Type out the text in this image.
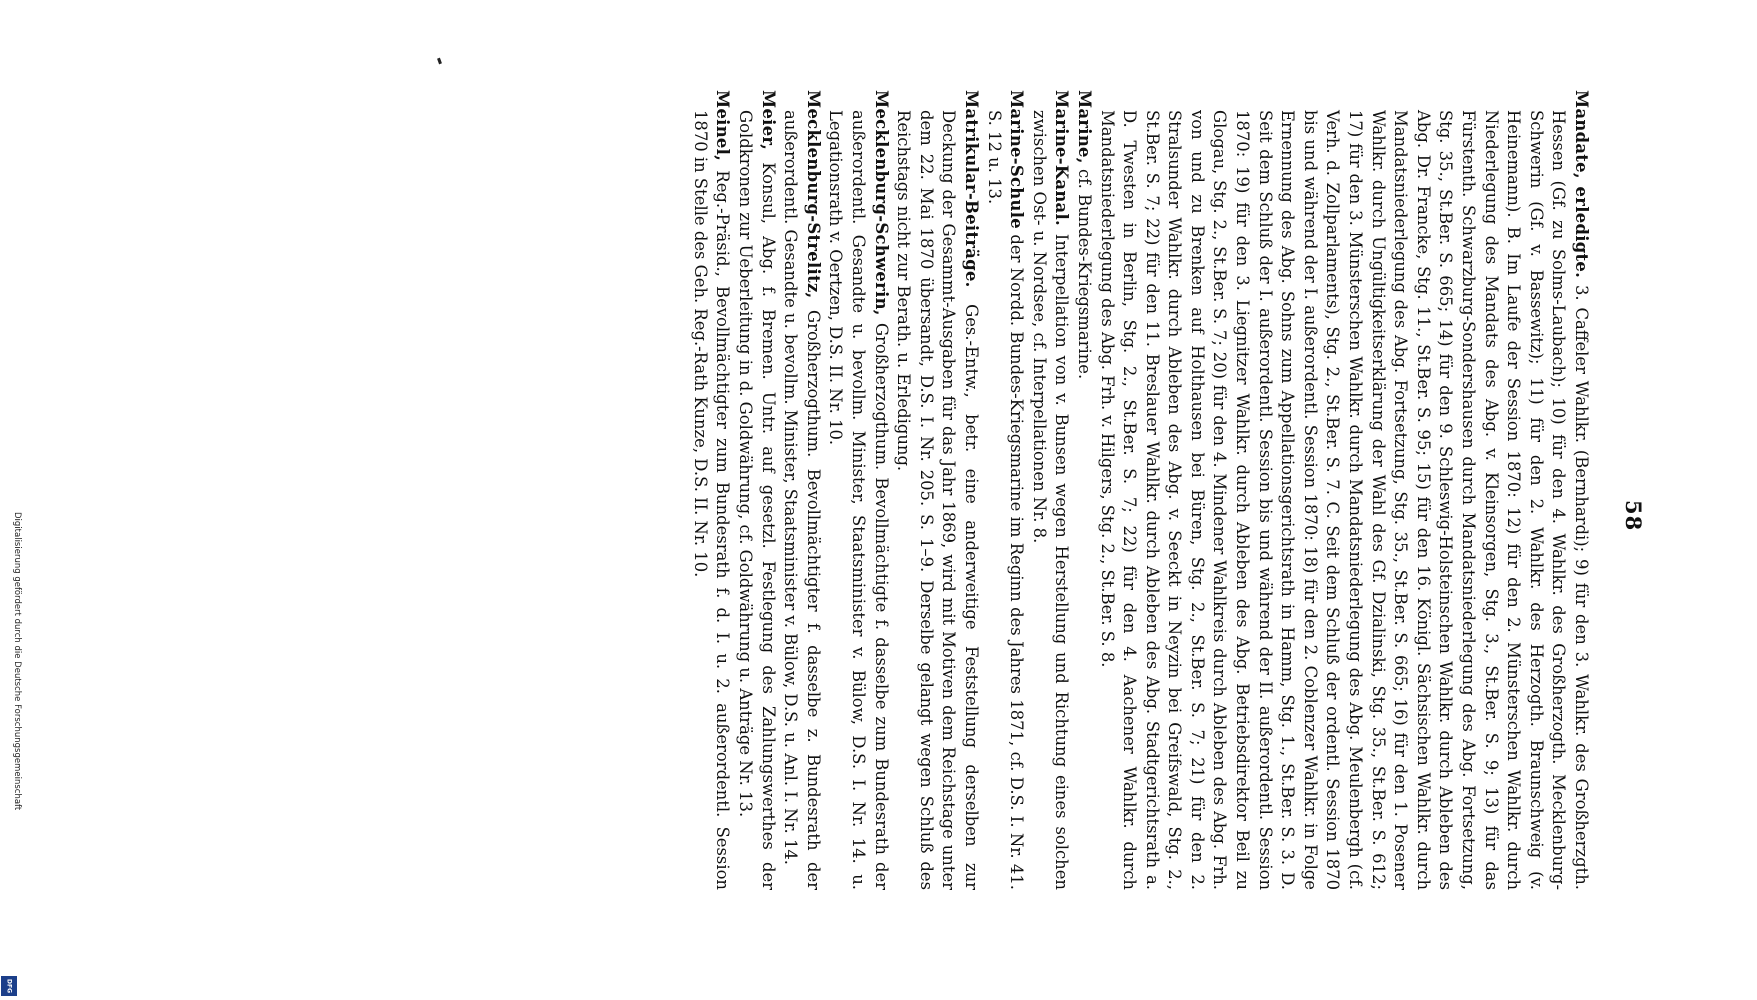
Digitalisierung gefördert durch die Deutsche Forschungsgemeinschaft
DFG
58

Mandate, erledigte. 3. Caffeler Wahlkr. (Bernhardi); 9) für den 3. Wahlkr. des Großherzgth. Hessen (Gf. zu Solms-Laubach); 10) für den 4. Wahlkr. des Großherzogth. Mecklenburg-Schwerin (Gf. v. Bassewitz); 11) für den 2. Wahlkr. des Herzogth. Braunschweig (v. Heinemann). B. Im Laufe der Session 1870: 12) für den 2. Münsterschen Wahlkr. durch Niederlegung des Mandats des Abg. v. Kleinsorgen, Stg. 3., St.Ber. S. 9; 13) für das Fürstenth. Schwarzburg-Sondershausen durch Mandatsniederlegung des Abg. Fortsetzung, Stg. 35., St.Ber. S. 665; 14) für den 9. Schleswig-Holsteinschen Wahlkr. durch Ableben des Abg. Dr. Francke, Stg. 11., St.Ber. S. 95; 15) für den 16. Königl. Sächsischen Wahlkr. durch Mandatsniederlegung des Abg. Fortsetzung, Stg. 35., St.Ber. S. 665; 16) für den 1. Posener Wahlkr. durch Ungültigkeitserklärung der Wahl des Gf. Dzialinski, Stg. 35., St.Ber. S. 612; 17) für den 3. Münsterschen Wahlkr. durch Mandatsniederlegung des Abg. Meulenbergh (cf. Verh. d. Zollparlaments), Stg. 2., St.Ber. S. 7. C. Seit dem Schluß der ordentl. Session 1870 bis und während der I. außerordentl. Session 1870: 18) für den 2. Coblenzer Wahlkr. in Folge Ernennung des Abg. Sohns zum Appellationsgerichtsrath in Hamm, Stg. 1., St.Ber. S. 3. D. Seit dem Schluß der I. außerordentl. Session bis und während der II. außerordentl. Session 1870: 19) für den 3. Liegnitzer Wahlkr. durch Ableben des Abg. Betriebsdirektor Beil zu Glogau, Stg. 2., St.Ber. S. 7; 20) für den 4. Mindener Wahlkreis durch Ableben des Abg. Frh. von und zu Brenken auf Holthausen bei Büren, Stg. 2., St.Ber. S. 7; 21) für den 2. Stralsunder Wahlkr. durch Ableben des Abg. v. Seeckt in Neyzin bei Greifswald, Stg. 2., St.Ber. S. 7; 22) für den 11. Breslauer Wahlkr. durch Ableben des Abg. Stadtgerichtsrath a. D. Twesten in Berlin, Stg. 2., St.Ber. S. 7; 22) für den 4. Aachener Wahlkr. durch Mandatsniederlegung des Abg. Frh. v. Hilgers, Stg. 2., St.Ber. S. 8.

Marine, cf. Bundes-Kriegsmarine.

Marine-Kanal. Interpellation von v. Bunsen wegen Herstellung und Richtung eines solchen zwischen Ost- u. Nordsee, cf. Interpellationen Nr. 8.

Marine-Schule der Nordd. Bundes-Kriegsmarine im Reginn des Jahres 1871, cf. D.S. I. Nr. 41. S. 12 u. 13.

Matrikular-Beiträge. Ges.-Entw., betr. eine anderweitige Feststellung derselben zur Deckung der Gesammt-Ausgaben für das Jahr 1869, wird mit Motiven dem Reichstage unter dem 22. Mai 1870 übersandt, D.S. I. Nr. 205. S. 1–9. Derselbe gelangt wegen Schluß des Reichstags nicht zur Berath. u. Erledigung.

Mecklenburg-Schwerin, Großherzogthum. Bevollmächtigte f. dasselbe zum Bundesrath der außerordentl. Gesandte u. bevollm. Minister, Staatsminister v. Bülow, D.S. I. Nr. 14. u. Legationsrath v. Oertzen, D.S. II. Nr. 10.

Mecklenburg-Strelitz, Großherzogthum. Bevollmächtigter f. dasselbe z. Bundesrath der außerordentl. Gesandte u. bevollm. Minister, Staatsminister v. Bülow, D.S. u. Anl. I. Nr. 14.

Meier, Konsul, Abg. f. Bremen. Untr. auf gesetzl. Festlegung des Zahlungswerthes der Goldkronen zur Ueberleitung in d. Goldwährung, cf. Goldwährung u. Anträge Nr. 13.

Meinel, Reg.-Präsid., Bevollmächtigter zum Bundesrath f. d. I. u. 2. außerordentl. Session 1870 in Stelle des Geh. Reg.-Rath Kunze, D.S. II. Nr. 10.
